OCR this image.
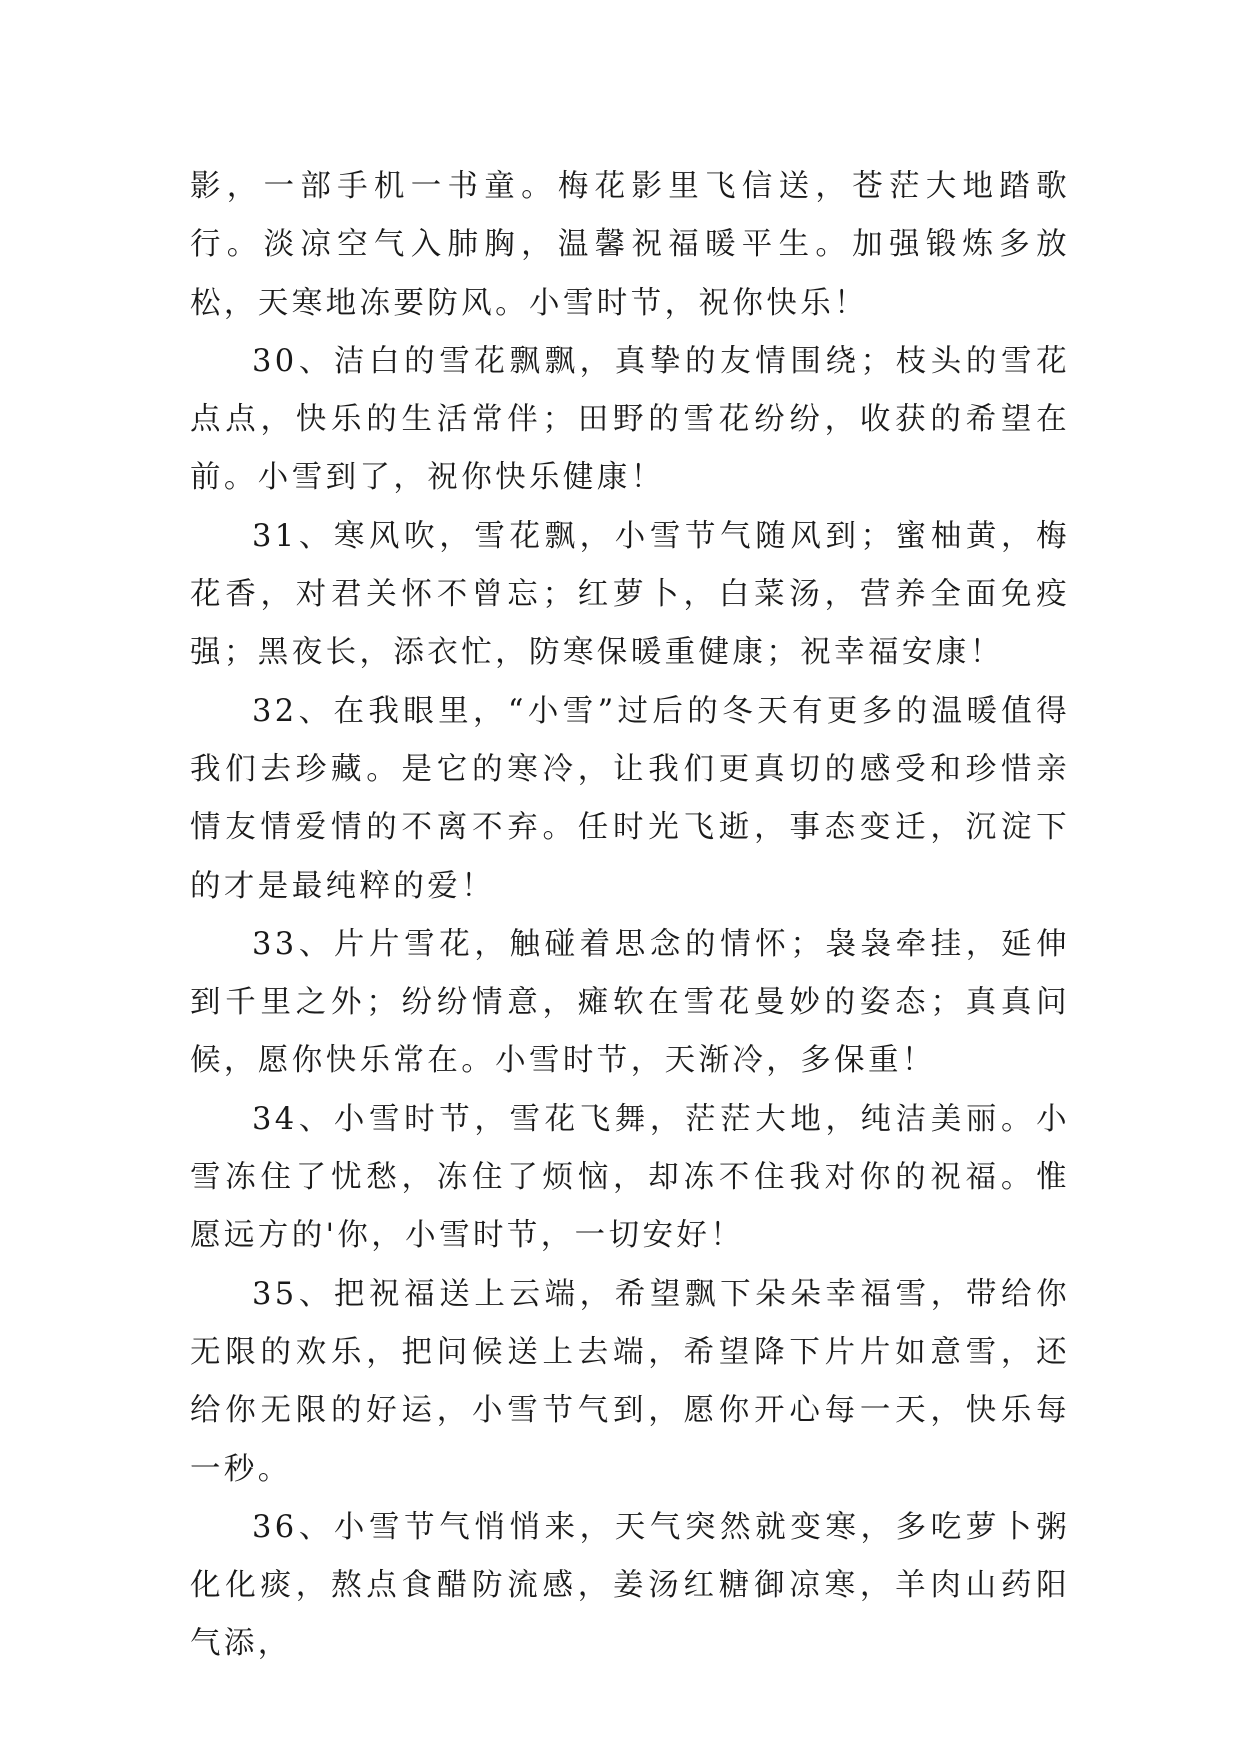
影，一部手机一书童。梅花影里飞信送，苍茫大地踏歌行。淡凉空气入肺胸，温馨祝福暖平生。加强锻炼多放松，天寒地冻要防风。小雪时节，祝你快乐！

30、洁白的雪花飘飘，真挚的友情围绕；枝头的雪花点点，快乐的生活常伴；田野的雪花纷纷，收获的希望在前。小雪到了，祝你快乐健康！

31、寒风吹，雪花飘，小雪节气随风到；蜜柚黄，梅花香，对君关怀不曾忘；红萝卜，白菜汤，营养全面免疫强；黑夜长，添衣忙，防寒保暖重健康；祝幸福安康！

32、在我眼里，“小雪”过后的冬天有更多的温暖值得我们去珍藏。是它的寒冷，让我们更真切的感受和珍惜亲情友情爱情的不离不弃。任时光飞逝，事态变迁，沉淀下的才是最纯粹的爱！

33、片片雪花，触碰着思念的情怀；袅袅牵挂，延伸到千里之外；纷纷情意，瘫软在雪花曼妙的姿态；真真问候，愿你快乐常在。小雪时节，天渐冷，多保重！

34、小雪时节，雪花飞舞，茫茫大地，纯洁美丽。小雪冻住了忧愁，冻住了烦恼，却冻不住我对你的祝福。惟愿远方的'你，小雪时节，一切安好！

35、把祝福送上云端，希望飘下朵朵幸福雪，带给你无限的欢乐，把问候送上去端，希望降下片片如意雪，还给你无限的好运，小雪节气到，愿你开心每一天，快乐每一秒。

36、小雪节气悄悄来，天气突然就变寒，多吃萝卜粥化化痰，熬点食醋防流感，姜汤红糖御凉寒，羊肉山药阳气添，
